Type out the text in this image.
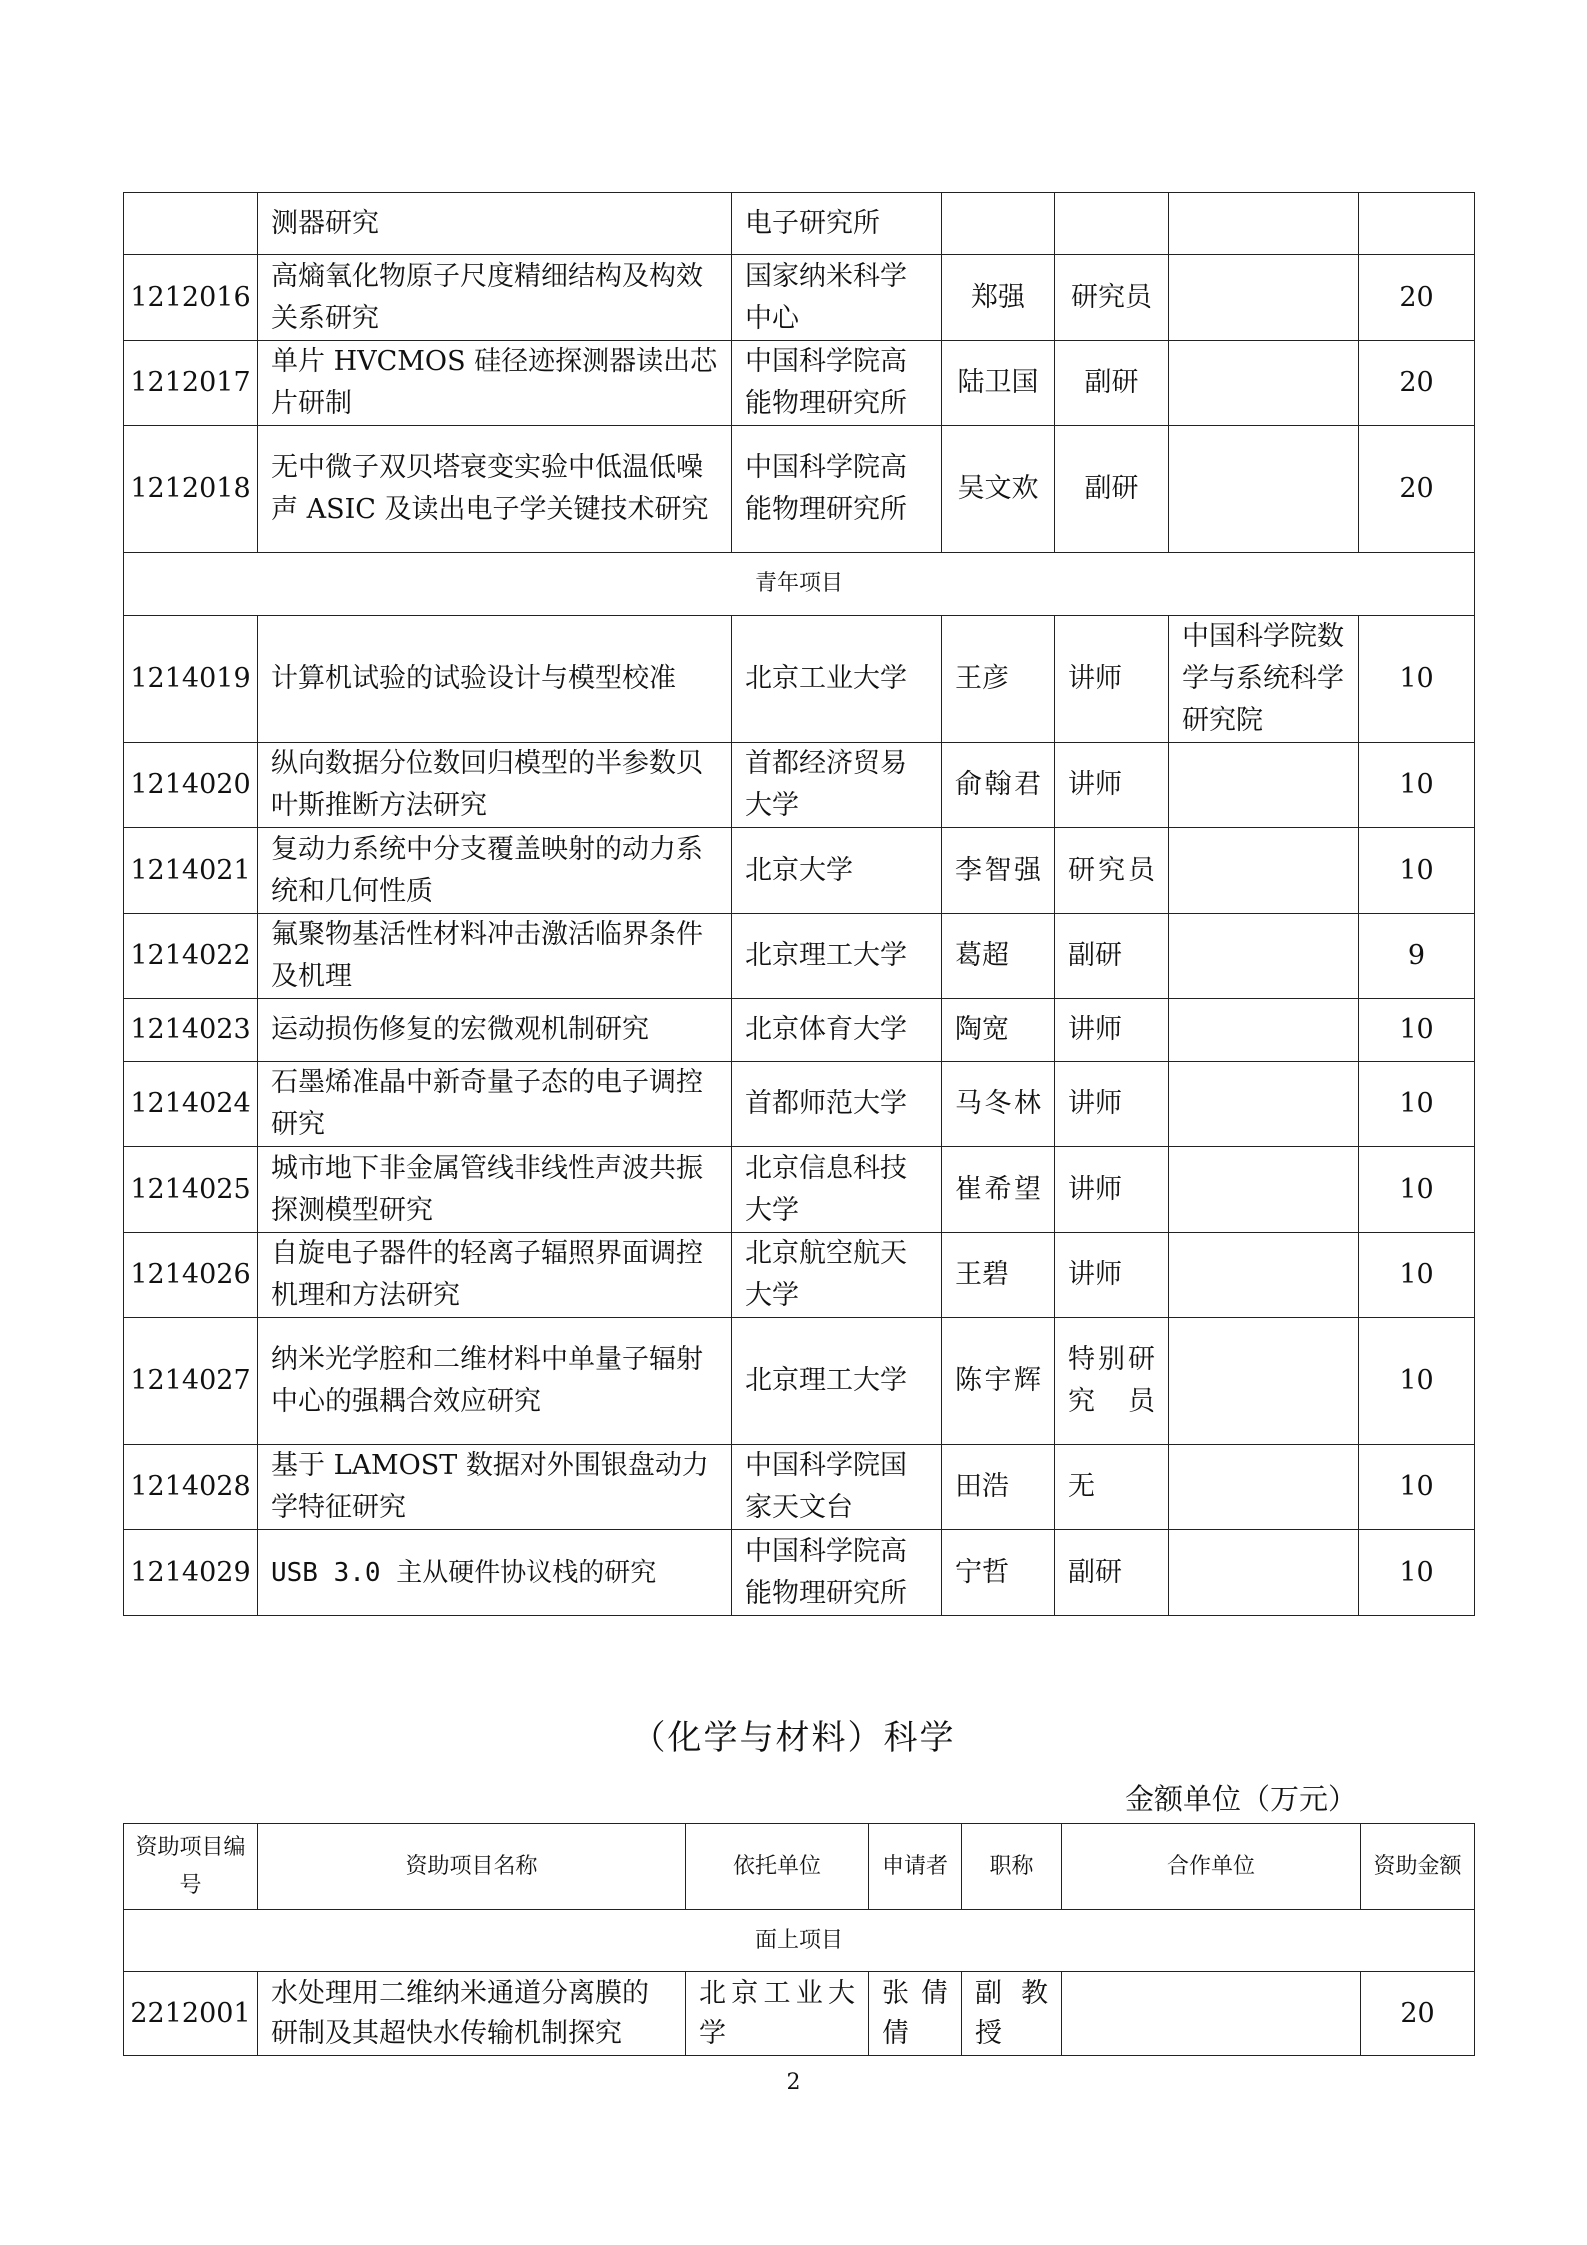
	测器研究	电子研究所				
1212016	高熵氧化物原子尺度精细结构及构效关系研究	国家纳米科学中心	郑强	研究员		20
1212017	单片 HVCMOS 硅径迹探测器读出芯片研制	中国科学院高能物理研究所	陆卫国	副研		20
1212018	无中微子双贝塔衰变实验中低温低噪声 ASIC 及读出电子学关键技术研究	中国科学院高能物理研究所	吴文欢	副研		20
青年项目						
1214019	计算机试验的试验设计与模型校准	北京工业大学	王彦	讲师	中国科学院数学与系统科学研究院	10
1214020	纵向数据分位数回归模型的半参数贝叶斯推断方法研究	首都经济贸易大学	俞翰君	讲师		10
1214021	复动力系统中分支覆盖映射的动力系统和几何性质	北京大学	李智强	研究员		10
1214022	氟聚物基活性材料冲击激活临界条件及机理	北京理工大学	葛超	副研		9
1214023	运动损伤修复的宏微观机制研究	北京体育大学	陶宽	讲师		10
1214024	石墨烯准晶中新奇量子态的电子调控研究	首都师范大学	马冬林	讲师		10
1214025	城市地下非金属管线非线性声波共振探测模型研究	北京信息科技大学	崔希望	讲师		10
1214026	自旋电子器件的轻离子辐照界面调控机理和方法研究	北京航空航天大学	王碧	讲师		10
1214027	纳米光学腔和二维材料中单量子辐射中心的强耦合效应研究	北京理工大学	陈宇辉	特别研究员		10
1214028	基于 LAMOST 数据对外围银盘动力学特征研究	中国科学院国家天文台	田浩	无		10
1214029	USB 3.0 主从硬件协议栈的研究	中国科学院高能物理研究所	宁哲	副研		10
（化学与材料）科学
金额单位（万元）
资助项目编号	资助项目名称	依托单位	申请者	职称	合作单位	资助金额
面上项目						
2212001	水处理用二维纳米通道分离膜的研制及其超快水传输机制探究	北京工业大学	张倩倩	副教授		20
2
